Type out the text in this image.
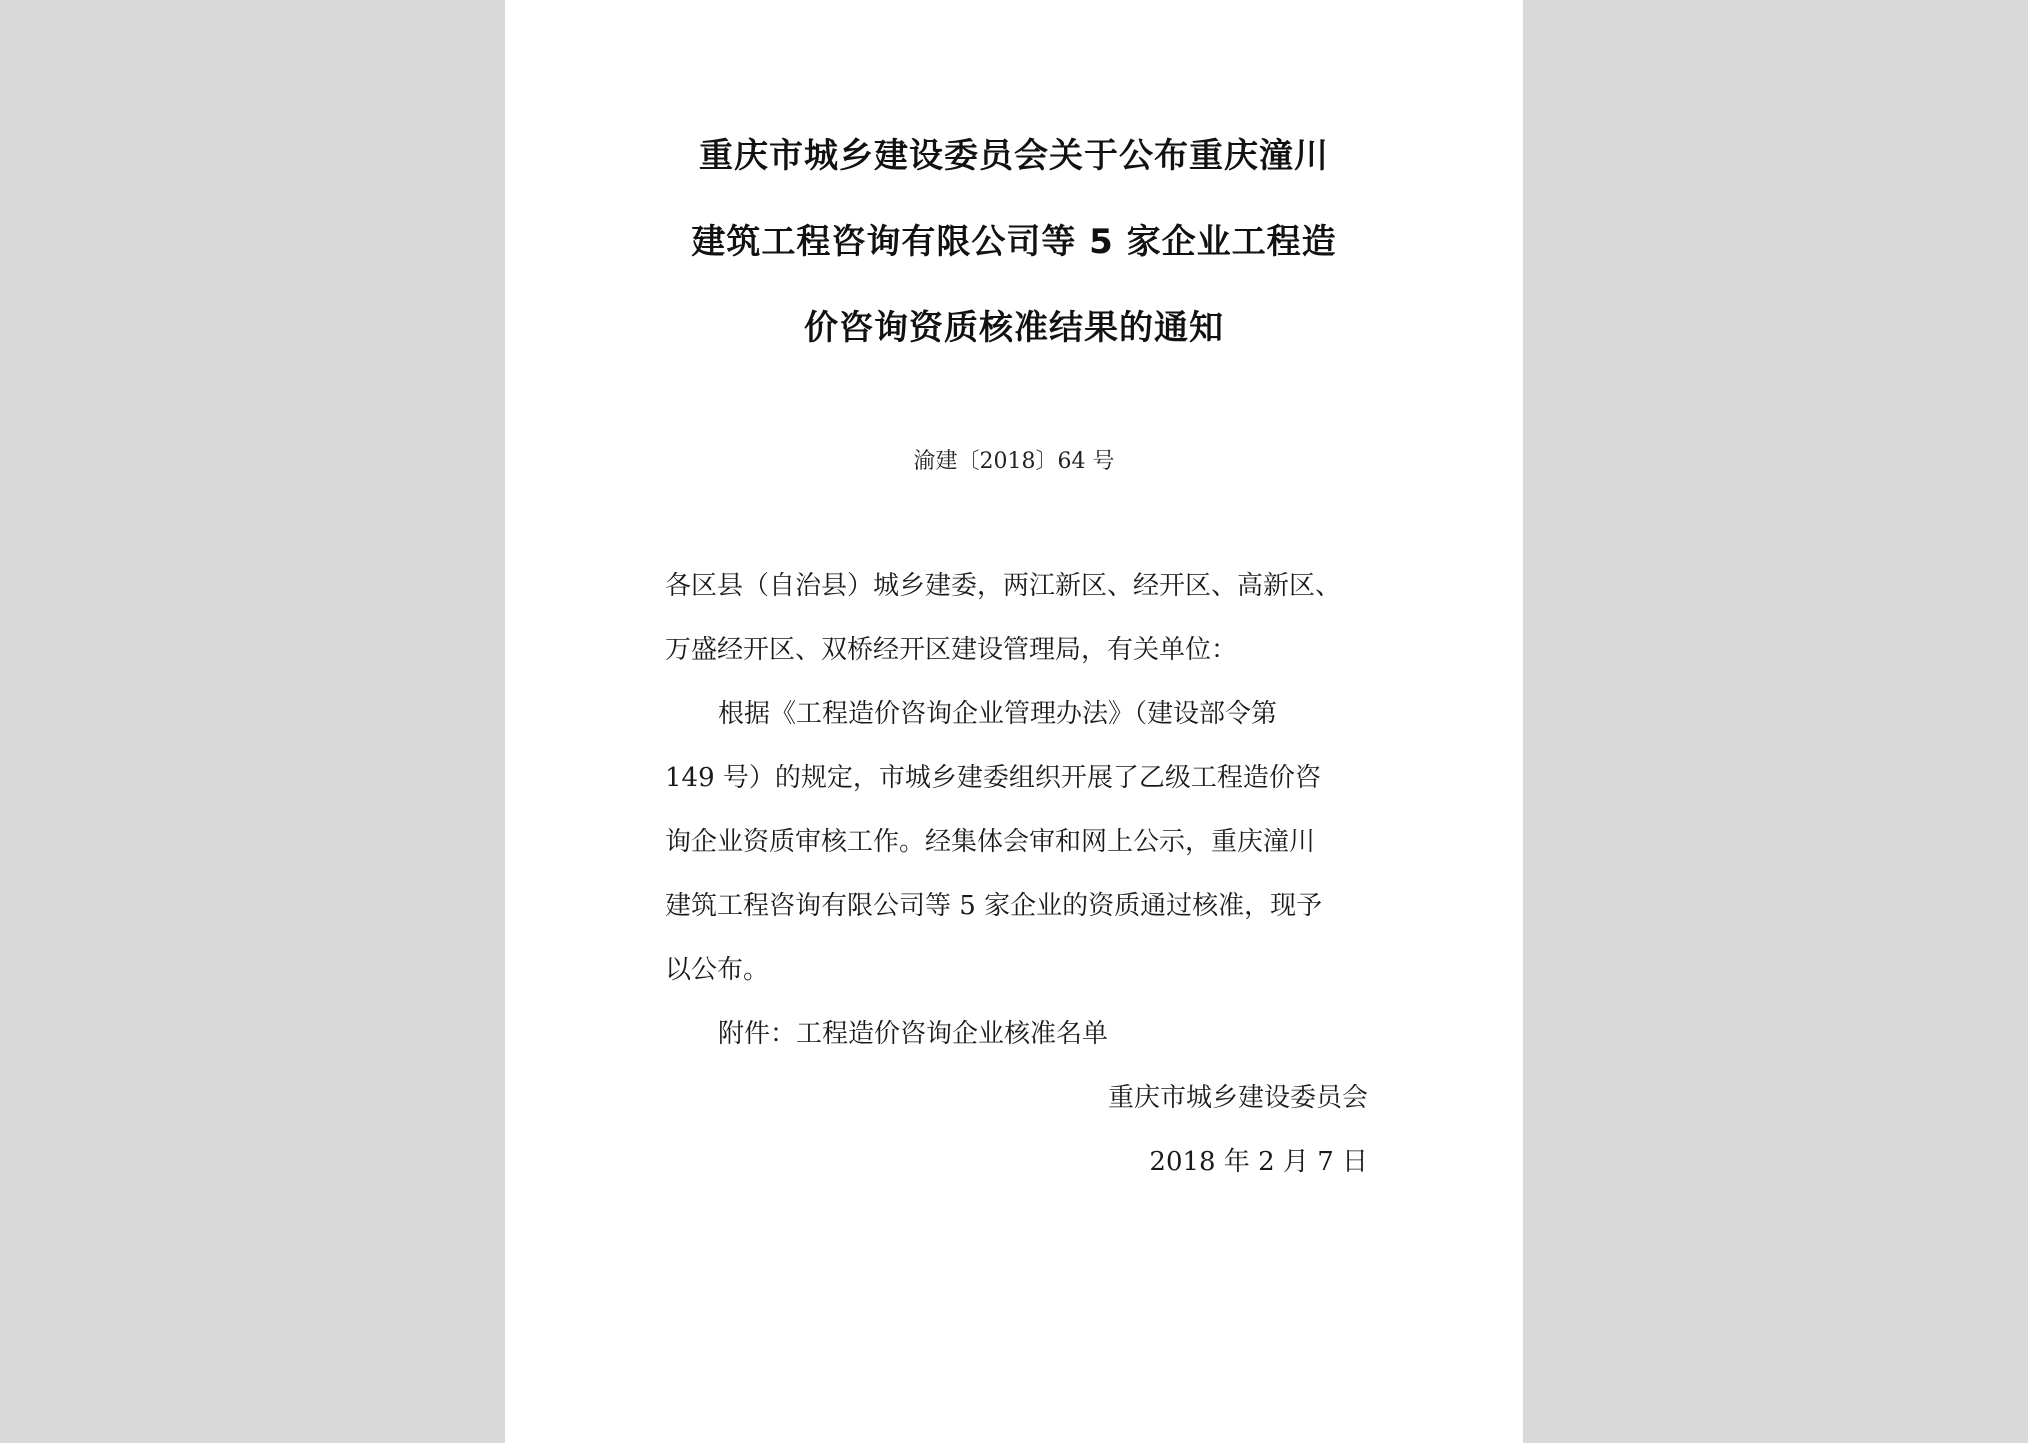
重庆市城乡建设委员会关于公布重庆潼川
建筑工程咨询有限公司等 5 家企业工程造
价咨询资质核准结果的通知
渝建〔2018〕64 号
各区县（自治县）城乡建委，两江新区、经开区、高新区、
万盛经开区、双桥经开区建设管理局，有关单位：
根据《工程造价咨询企业管理办法》（建设部令第
149 号）的规定，市城乡建委组织开展了乙级工程造价咨
询企业资质审核工作。经集体会审和网上公示，重庆潼川
建筑工程咨询有限公司等 5 家企业的资质通过核准，现予
以公布。
附件：工程造价咨询企业核准名单
重庆市城乡建设委员会
2018 年 2 月 7 日
